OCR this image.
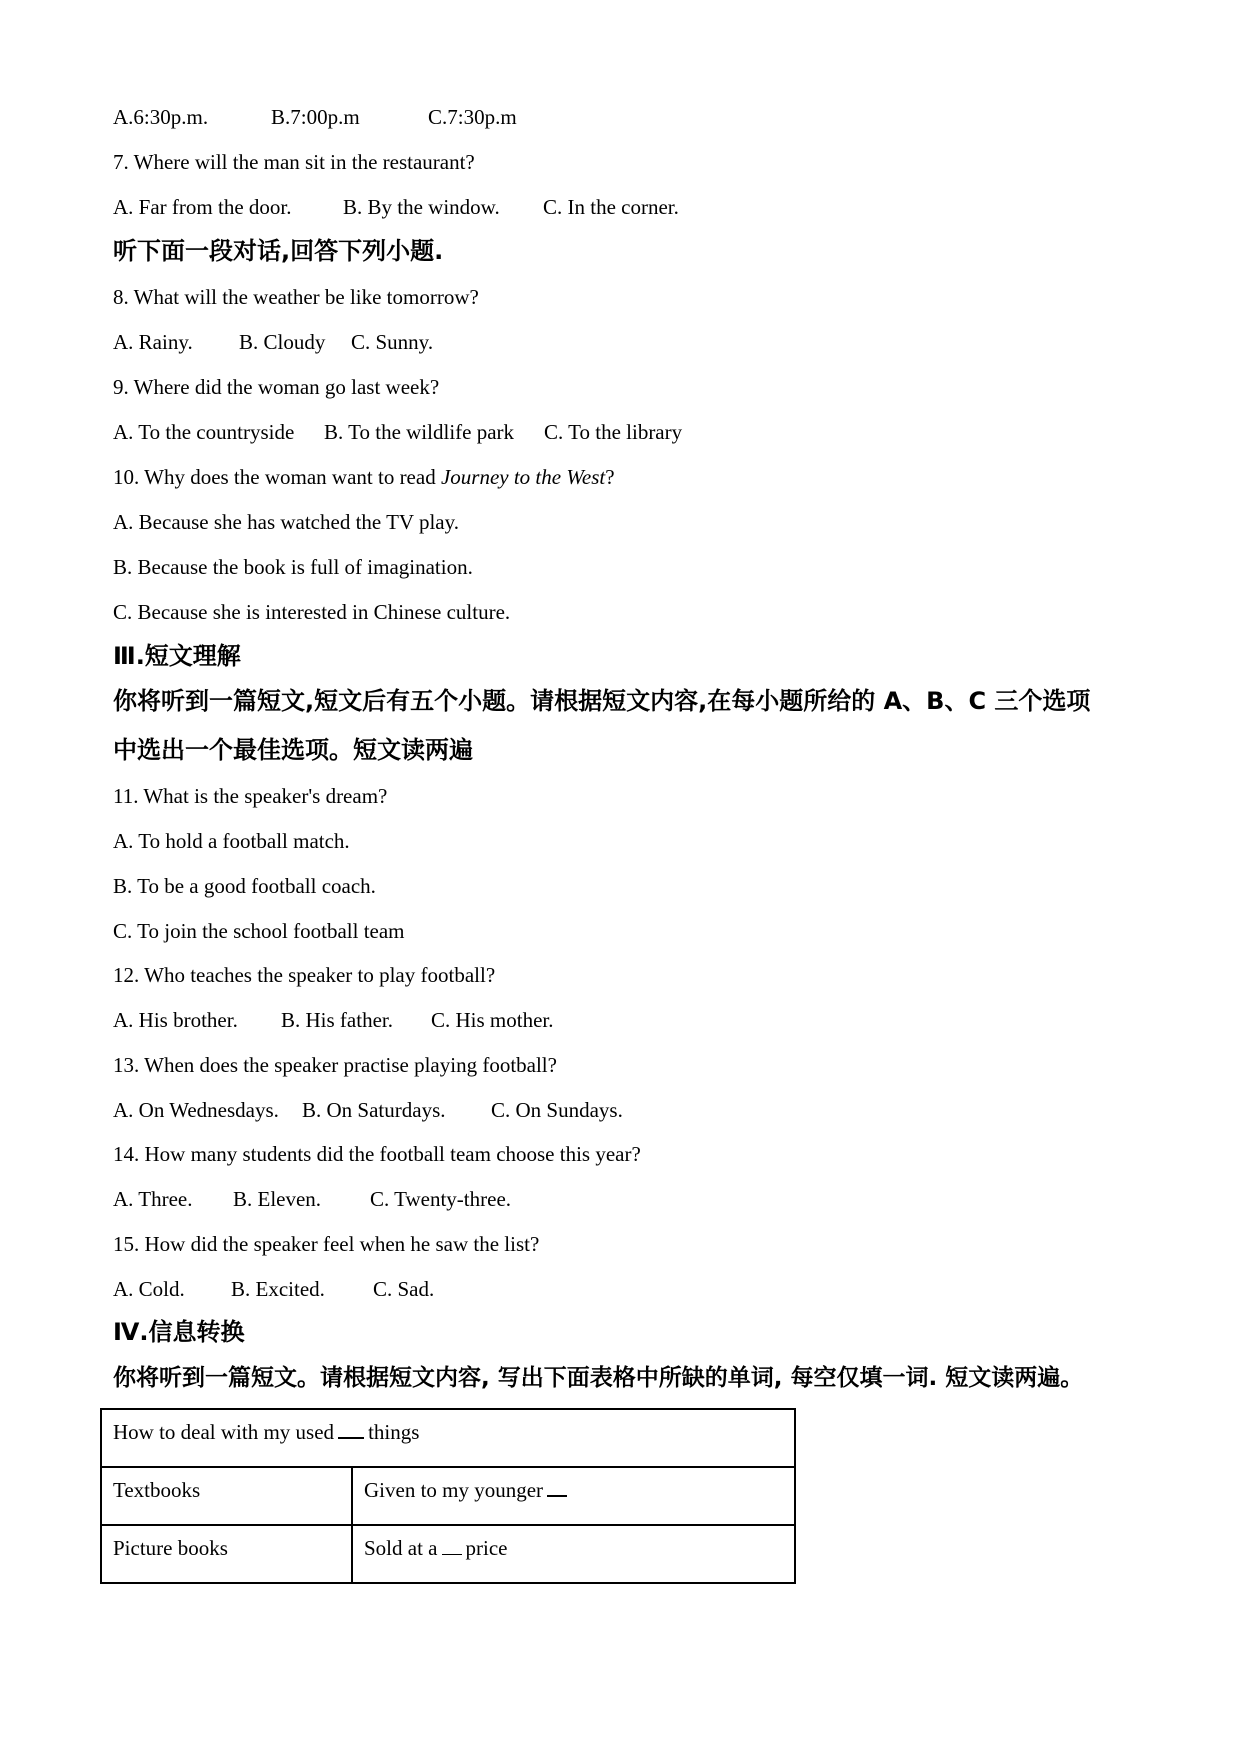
A.6:30p.m.

	B.7:00p.m

	C.7:30p.m

7. Where will the man sit in the restaurant?

A. Far from the door.

B. By the window.

C. In the corner.

听下面一段对话,回答下列小题.
8. What will the weather be like tomorrow?

A. Rainy.

B. Cloudy

C. Sunny.

9. Where did the woman go last week?

A. To the countryside

B. To the wildlife park

C. To the library

10. Why does the woman want to read Journey to the West?
A. Because she has watched the TV play.
B. Because the book is full of imagination.
C. Because she is interested in Chinese culture.
Ⅲ.短文理解
你将听到一篇短文,短文后有五个小题。请根据短文内容,在每小题所给的 A、B、C 三个选项
中选出一个最佳选项。短文读两遍
11. What is the speaker's dream?
A. To hold a football match.
B. To be a good football coach.
C. To join the school football team
12. Who teaches the speaker to play football?

A. His brother.

B. His father.

C. His mother.

13. When does the speaker practise playing football?

A. On Wednesdays.

B. On Saturdays.

C. On Sundays.

14. How many students did the football team choose this year?

A. Three.

B. Eleven.

C. Twenty-three.

15. How did the speaker feel when he saw the list?

A. Cold.

B. Excited.

C. Sad.

Ⅳ.信息转换
你将听到一篇短文。请根据短文内容, 写出下面表格中所缺的单词, 每空仅填一词. 短文读两遍。
How to deal with my used things	
Textbooks	Given to my younger
Picture books	Sold at a price
